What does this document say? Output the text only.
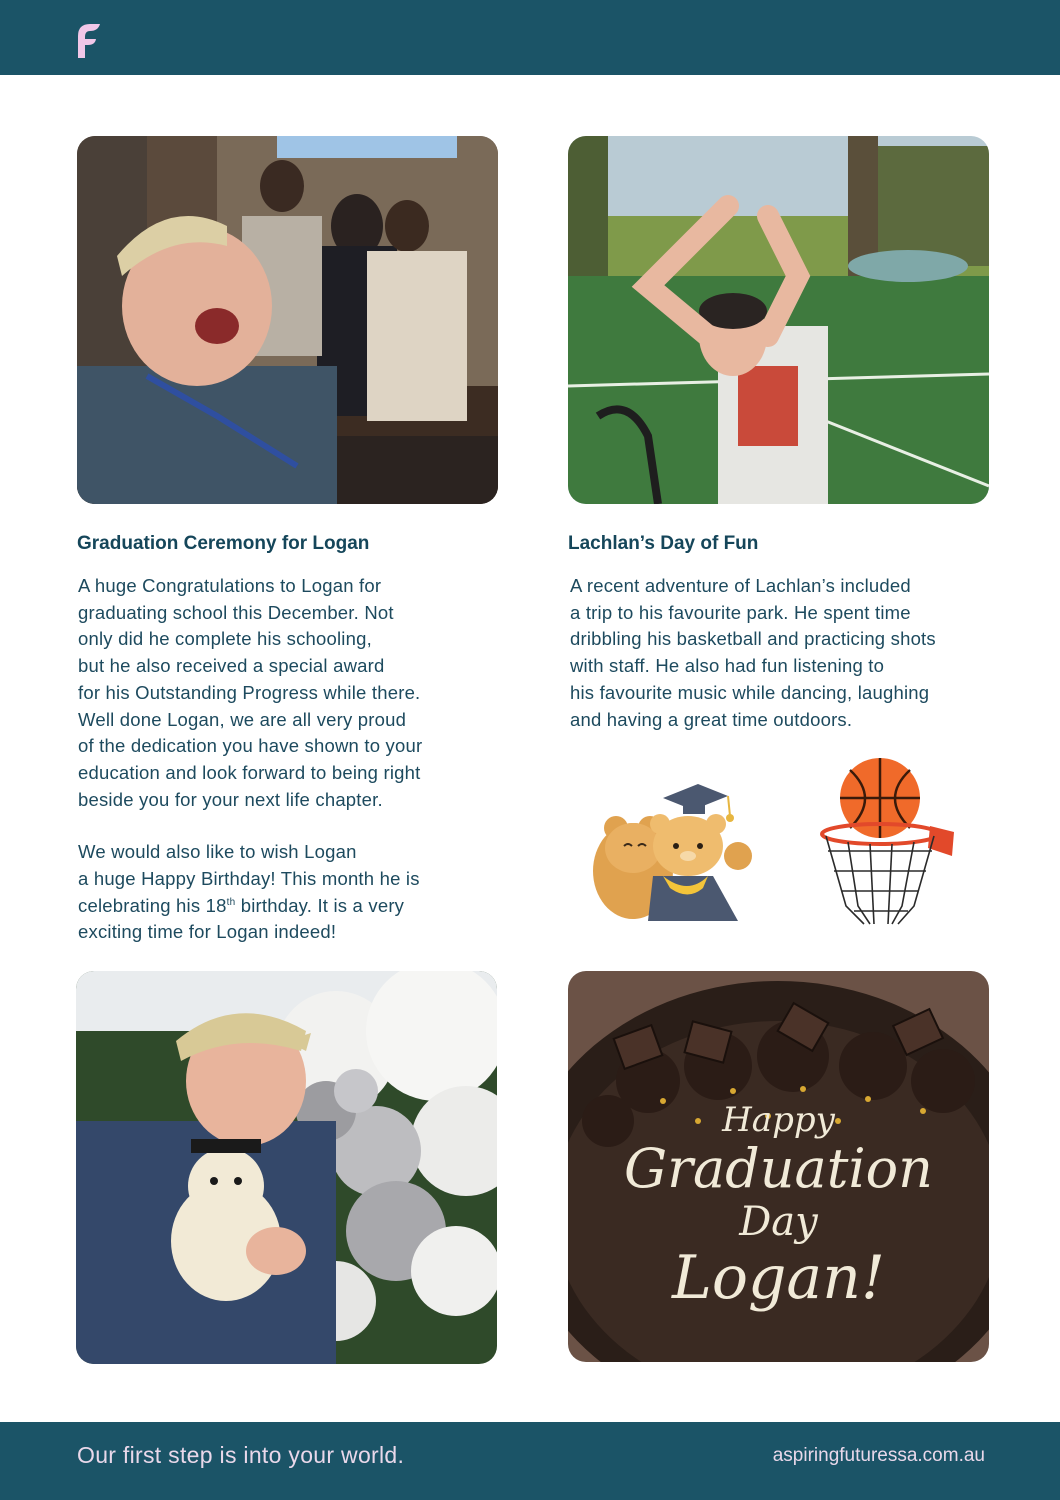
Graduation Ceremony for Logan	Lachlan’s Day of Fun
A huge Congratulations to Logan for
graduating school this December. Not
only did he complete his schooling,
but he also received a special award
for his Outstanding Progress while there.
Well done Logan, we are all very proud
of the dedication you have shown to your
education and look forward to being right
beside you for your next life chapter.
We would also like to wish Logan
a huge Happy Birthday! This month he is
celebrating his 18th birthday. It is a very
exciting time for Logan indeed!
A recent adventure of Lachlan’s included
a trip to his favourite park. He spent time
dribbling his basketball and practicing shots
with staff. He also had fun listening to
his favourite music while dancing, laughing
and having a great time outdoors.
Happy
Graduation
Day
Logan!
Our first step is into your world.	aspiringfuturessa.com.au
